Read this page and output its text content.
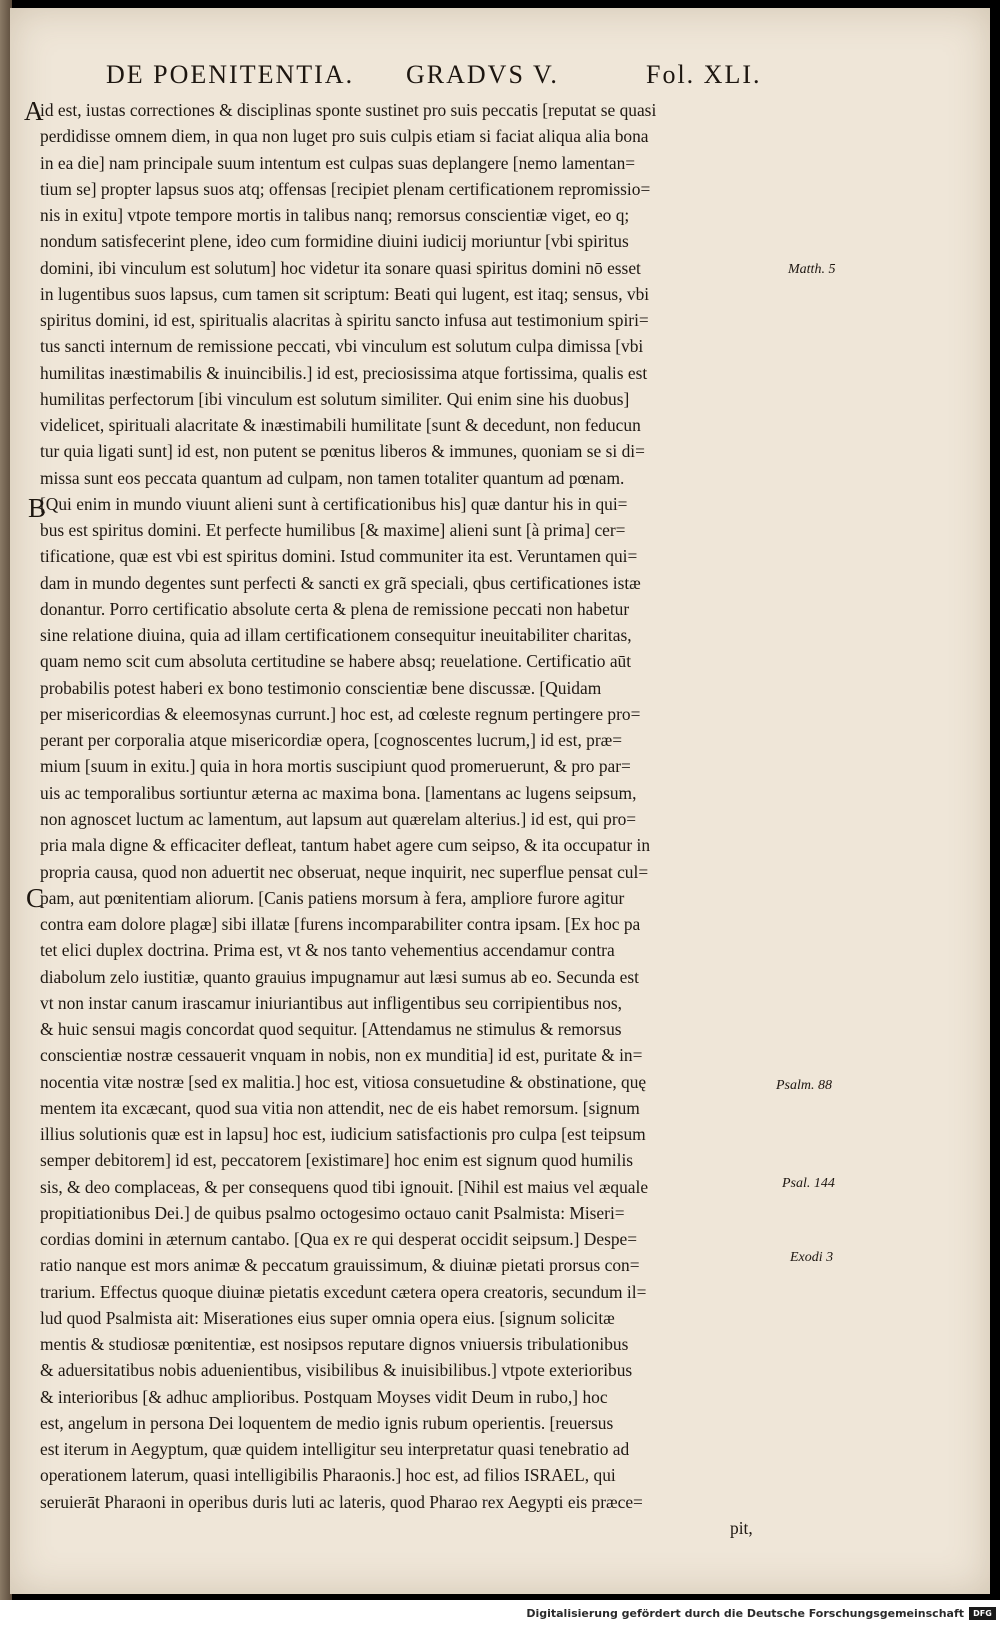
DE POENITENTIA. GRADVS V.	Fol. XLI.
A
B
C
Matth. 5
Psalm. 88
Psal. 144
Exodi 3
id est, iustas correctiones & disciplinas sponte sustinet pro suis peccatis [reputat se quasi
perdidisse omnem diem, in qua non luget pro suis culpis etiam si faciat aliqua alia bona
in ea die] nam principale suum intentum est culpas suas deplangere [nemo lamentan=
tium se] propter lapsus suos atq; offensas [recipiet plenam certificationem repromissio=
nis in exitu] vtpote tempore mortis in talibus nanq; remorsus conscientiæ viget, eo q;
nondum satisfecerint plene, ideo cum formidine diuini iudicij moriuntur [vbi spiritus
domini, ibi vinculum est solutum] hoc videtur ita sonare quasi spiritus domini nō esset
in lugentibus suos lapsus, cum tamen sit scriptum: Beati qui lugent, est itaq; sensus, vbi
spiritus domini, id est, spiritualis alacritas à spiritu sancto infusa aut testimonium spiri=
tus sancti internum de remissione peccati, vbi vinculum est solutum culpa dimissa [vbi
humilitas inæstimabilis & inuincibilis.] id est, preciosissima atque fortissima, qualis est
humilitas perfectorum [ibi vinculum est solutum similiter. Qui enim sine his duobus]
videlicet, spirituali alacritate & inæstimabili humilitate [sunt & decedunt, non feducun
tur quia ligati sunt] id est, non putent se pœnitus liberos & immunes, quoniam se si di=
missa sunt eos peccata quantum ad culpam, non tamen totaliter quantum ad pœnam.
[Qui enim in mundo viuunt alieni sunt à certificationibus his] quæ dantur his in qui=
bus est spiritus domini. Et perfecte humilibus [& maxime] alieni sunt [à prima] cer=
tificatione, quæ est vbi est spiritus domini. Istud communiter ita est. Veruntamen qui=
dam in mundo degentes sunt perfecti & sancti ex grã speciali, qbus certificationes istæ
donantur. Porro certificatio absolute certa & plena de remissione peccati non habetur
sine relatione diuina, quia ad illam certificationem consequitur ineuitabiliter charitas,
quam nemo scit cum absoluta certitudine se habere absq; reuelatione. Certificatio aūt
probabilis potest haberi ex bono testimonio conscientiæ bene discussæ. [Quidam
per misericordias & eleemosynas currunt.] hoc est, ad cœleste regnum pertingere pro=
perant per corporalia atque misericordiæ opera, [cognoscentes lucrum,] id est, præ=
mium [suum in exitu.] quia in hora mortis suscipiunt quod promeruerunt, & pro par=
uis ac temporalibus sortiuntur æterna ac maxima bona. [lamentans ac lugens seipsum,
non agnoscet luctum ac lamentum, aut lapsum aut quærelam alterius.] id est, qui pro=
pria mala digne & efficaciter defleat, tantum habet agere cum seipso, & ita occupatur in
propria causa, quod non aduertit nec obseruat, neque inquirit, nec superflue pensat cul=
pam, aut pœnitentiam aliorum. [Canis patiens morsum à fera, ampliore furore agitur
contra eam dolore plagæ] sibi illatæ [furens incomparabiliter contra ipsam. [Ex hoc pa
tet elici duplex doctrina. Prima est, vt & nos tanto vehementius accendamur contra
diabolum zelo iustitiæ, quanto grauius impugnamur aut læsi sumus ab eo. Secunda est
vt non instar canum irascamur iniuriantibus aut infligentibus seu corripientibus nos,
& huic sensui magis concordat quod sequitur. [Attendamus ne stimulus & remorsus
conscientiæ nostræ cessauerit vnquam in nobis, non ex munditia] id est, puritate & in=
nocentia vitæ nostræ [sed ex malitia.] hoc est, vitiosa consuetudine & obstinatione, quę
mentem ita excæcant, quod sua vitia non attendit, nec de eis habet remorsum. [signum
illius solutionis quæ est in lapsu] hoc est, iudicium satisfactionis pro culpa [est teipsum
semper debitorem] id est, peccatorem [existimare] hoc enim est signum quod humilis
sis, & deo complaceas, & per consequens quod tibi ignouit. [Nihil est maius vel æquale
propitiationibus Dei.] de quibus psalmo octogesimo octauo canit Psalmista: Miseri=
cordias domini in æternum cantabo. [Qua ex re qui desperat occidit seipsum.] Despe=
ratio nanque est mors animæ & peccatum grauissimum, & diuinæ pietati prorsus con=
trarium. Effectus quoque diuinæ pietatis excedunt cætera opera creatoris, secundum il=
lud quod Psalmista ait: Miserationes eius super omnia opera eius. [signum solicitæ
mentis & studiosæ pœnitentiæ, est nosipsos reputare dignos vniuersis tribulationibus
& aduersitatibus nobis aduenientibus, visibilibus & inuisibilibus.] vtpote exterioribus
& interioribus [& adhuc amplioribus. Postquam Moyses vidit Deum in rubo,] hoc
est, angelum in persona Dei loquentem de medio ignis rubum operientis. [reuersus
est iterum in Aegyptum, quæ quidem intelligitur seu interpretatur quasi tenebratio ad
operationem laterum, quasi intelligibilis Pharaonis.] hoc est, ad filios ISRAEL, qui
seruierāt Pharaoni in operibus duris luti ac lateris, quod Pharao rex Aegypti eis præce=
pit,
Digitalisierung gefördert durch die Deutsche Forschungsgemeinschaft	DFG
